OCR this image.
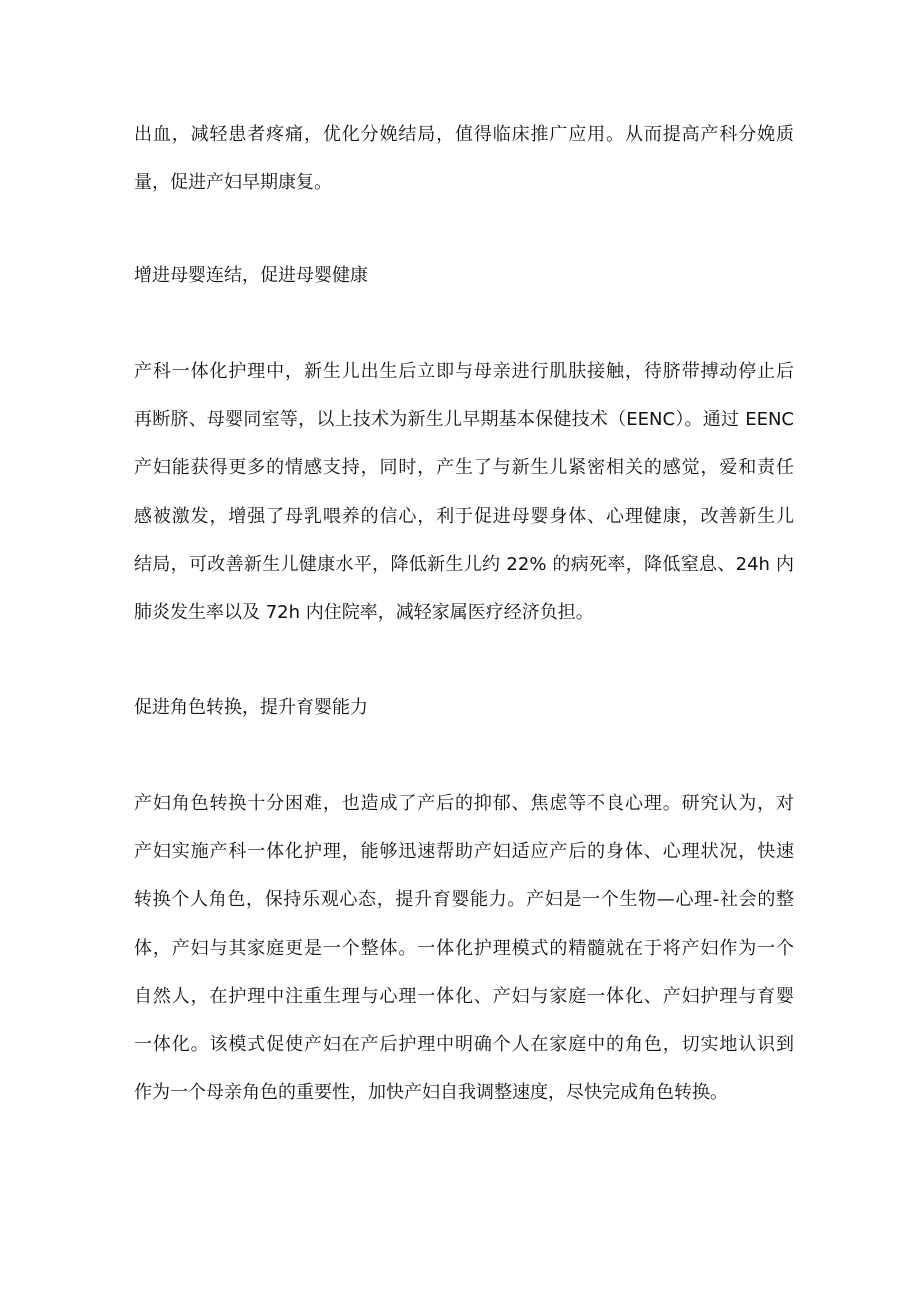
出血，减轻患者疼痛，优化分娩结局，值得临床推广应用。从而提高产科分娩质
量，促进产妇早期康复。
增进母婴连结，促进母婴健康
产科一体化护理中，新生儿出生后立即与母亲进行肌肤接触，待脐带搏动停止后
再断脐、母婴同室等，以上技术为新生儿早期基本保健技术（EENC）。通过 EENC
产妇能获得更多的情感支持，同时，产生了与新生儿紧密相关的感觉，爱和责任
感被激发，增强了母乳喂养的信心，利于促进母婴身体、心理健康，改善新生儿
结局，可改善新生儿健康水平，降低新生儿约 22% 的病死率，降低窒息、24h 内
肺炎发生率以及 72h 内住院率，减轻家属医疗经济负担。
促进角色转换，提升育婴能力
产妇角色转换十分困难，也造成了产后的抑郁、焦虑等不良心理。研究认为，对
产妇实施产科一体化护理，能够迅速帮助产妇适应产后的身体、心理状况，快速
转换个人角色，保持乐观心态，提升育婴能力。产妇是一个生物—心理-社会的整
体，产妇与其家庭更是一个整体。一体化护理模式的精髓就在于将产妇作为一个
自然人，在护理中注重生理与心理一体化、产妇与家庭一体化、产妇护理与育婴
一体化。该模式促使产妇在产后护理中明确个人在家庭中的角色，切实地认识到
作为一个母亲角色的重要性，加快产妇自我调整速度，尽快完成角色转换。
